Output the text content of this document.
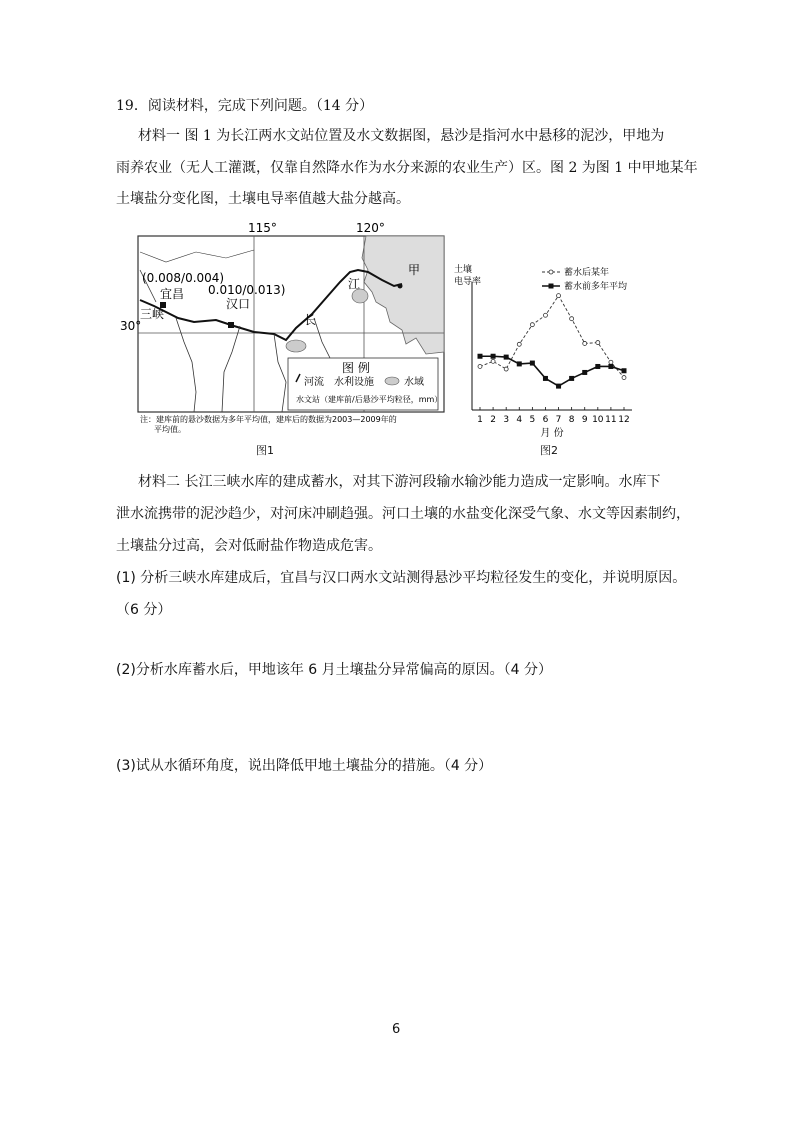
19．阅读材料，完成下列问题。（14 分）
材料一 图 1 为长江两水文站位置及水文数据图，悬沙是指河水中悬移的泥沙，甲地为
雨养农业（无人工灌溉，仅靠自然降水作为水分来源的农业生产）区。图 2 为图 1 中甲地某年
土壤盐分变化图，土壤电导率值越大盐分越高。
115°	120°
30°
(0.008/0.004)
宜昌 0.010/0.013)
汉口
三峡
甲
江
长
图 例
河流 水利设施	水域
水文站（建库前/后悬沙平均粒径，mm）
注：建库前的悬沙数据为多年平均值，建库后的数据为2003—2009年的
平均值。
图1
1 2 3 4 5 6 7 8 9 10 11 12
土壤
电导率
月 份
蓄水后某年
蓄水前多年平均
图2
材料二 长江三峡水库的建成蓄水，对其下游河段输水输沙能力造成一定影响。水库下
泄水流携带的泥沙趋少，对河床冲刷趋强。河口土壤的水盐变化深受气象、水文等因素制约，
土壤盐分过高，会对低耐盐作物造成危害。
(1) 分析三峡水库建成后，宜昌与汉口两水文站测得悬沙平均粒径发生的变化，并说明原因。
（6 分）
(2)分析水库蓄水后，甲地该年 6 月土壤盐分异常偏高的原因。（4 分）
(3)试从水循环角度，说出降低甲地土壤盐分的措施。（4 分）
6
